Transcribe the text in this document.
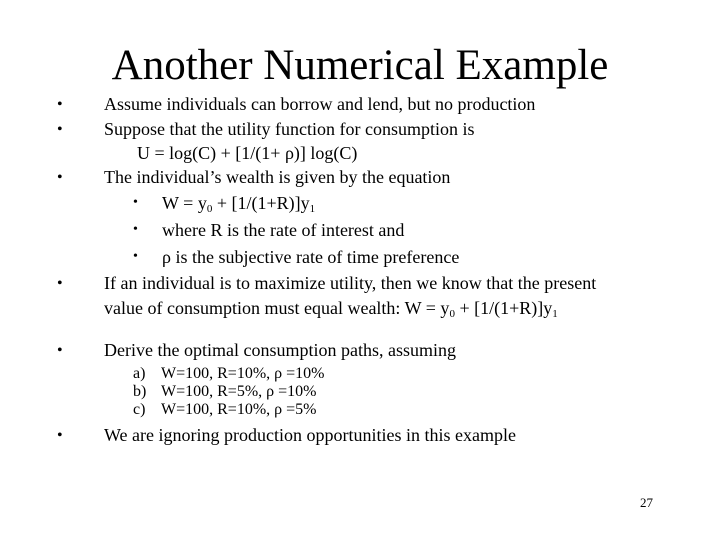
Another Numerical Example
• Assume individuals can borrow and lend, but no production
• Suppose that the utility function for consumption is
U = log(C) + [1/(1+ ρ)] log(C)
• The individual’s wealth is given by the equation
• $W = y_0 + [1/(1+R)]y_1$
• where R is the rate of interest and
• ρ is the subjective rate of time preference
• If an individual is to maximize utility, then we know that the present
value of consumption must equal wealth: $W = y_0 + [1/(1+R)]y_1$
• Derive the optimal consumption paths, assuming
a) W=100, R=10%, ρ =10%
b) W=100, R=5%, ρ =10%
c) W=100, R=10%, ρ =5%
• We are ignoring production opportunities in this example
27
